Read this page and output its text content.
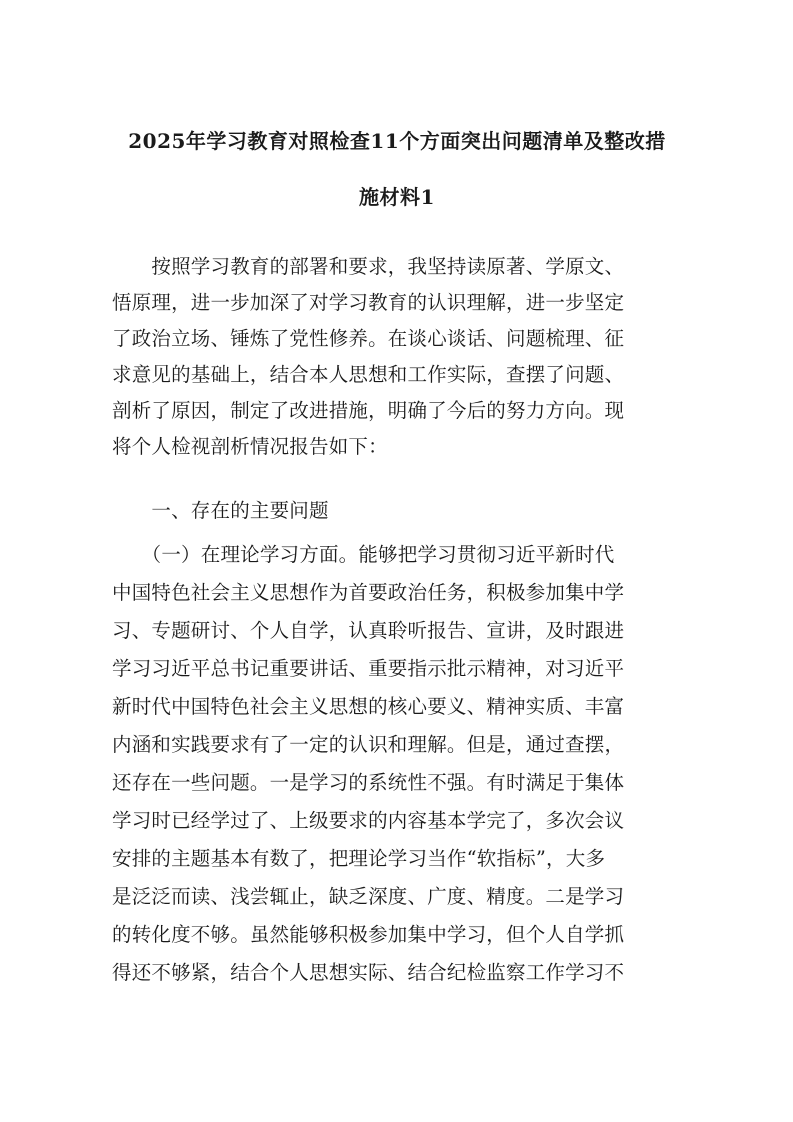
2025年学习教育对照检查11个方面突出问题清单及整改措
施材料1
　　按照学习教育的部署和要求，我坚持读原著、学原文、
悟原理，进一步加深了对学习教育的认识理解，进一步坚定
了政治立场、锤炼了党性修养。在谈心谈话、问题梳理、征
求意见的基础上，结合本人思想和工作实际，查摆了问题、
剖析了原因，制定了改进措施，明确了今后的努力方向。现
将个人检视剖析情况报告如下：
　　一、存在的主要问题
　　（一）在理论学习方面。能够把学习贯彻习近平新时代
中国特色社会主义思想作为首要政治任务，积极参加集中学
习、专题研讨、个人自学，认真聆听报告、宣讲，及时跟进
学习习近平总书记重要讲话、重要指示批示精神，对习近平
新时代中国特色社会主义思想的核心要义、精神实质、丰富
内涵和实践要求有了一定的认识和理解。但是，通过查摆，
还存在一些问题。一是学习的系统性不强。有时满足于集体
学习时已经学过了、上级要求的内容基本学完了，多次会议
安排的主题基本有数了，把理论学习当作“软指标”，大多
是泛泛而读、浅尝辄止，缺乏深度、广度、精度。二是学习
的转化度不够。虽然能够积极参加集中学习，但个人自学抓
得还不够紧，结合个人思想实际、结合纪检监察工作学习不
